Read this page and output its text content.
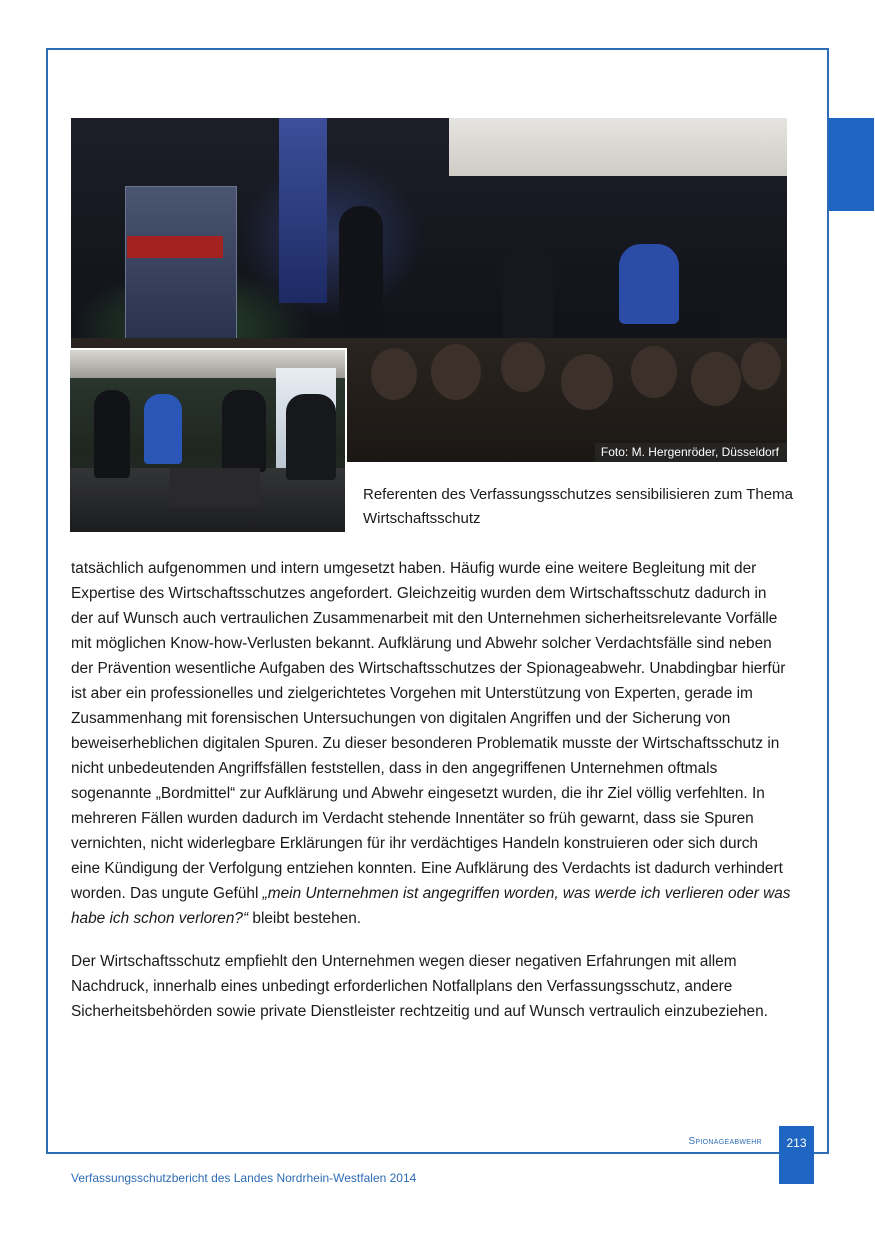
Foto: M. Hergenröder, Düsseldorf
Referenten des Verfassungsschutzes sensibilisieren zum Thema Wirtschaftsschutz

tatsächlich aufgenommen und intern umgesetzt haben. Häufig wurde eine weitere Begleitung mit der Expertise des Wirtschaftsschutzes angefordert. Gleichzeitig wurden dem Wirtschaftsschutz dadurch in der auf Wunsch auch vertraulichen Zusammenarbeit mit den Unternehmen sicherheitsrelevante Vorfälle mit möglichen Know-how-Verlusten bekannt. Aufklärung und Abwehr solcher Verdachtsfälle sind neben der Prävention wesentliche Aufgaben des Wirtschaftsschutzes der Spionageabwehr. Unabdingbar hierfür ist aber ein professionelles und zielgerichtetes Vorgehen mit Unterstützung von Experten, gerade im Zusammenhang mit forensischen Untersuchungen von digitalen Angriffen und der Sicherung von beweiserheblichen digitalen Spuren. Zu dieser besonderen Problematik musste der Wirtschaftsschutz in nicht unbedeutenden Angriffsfällen feststellen, dass in den angegriffenen Unternehmen oftmals sogenannte „Bordmittel“ zur Aufklärung und Abwehr eingesetzt wurden, die ihr Ziel völlig verfehlten. In mehreren Fällen wurden dadurch im Verdacht stehende Innentäter so früh gewarnt, dass sie Spuren vernichten, nicht widerlegbare Erklärungen für ihr verdächtiges Handeln konstruieren oder sich durch eine Kündigung der Verfolgung entziehen konnten. Eine Aufklärung des Verdachts ist dadurch verhindert worden. Das ungute Gefühl „mein Unternehmen ist angegriffen worden, was werde ich verlieren oder was habe ich schon verloren?“ bleibt bestehen.

Der Wirtschaftsschutz empfiehlt den Unternehmen wegen dieser negativen Erfahrungen mit allem Nachdruck, innerhalb eines unbedingt erforderlichen Notfallplans den Verfassungsschutz, andere Sicherheitsbehörden sowie private Dienstleister rechtzeitig und auf Wunsch vertraulich einzubeziehen.

Spionageabwehr	213
Verfassungsschutzbericht des Landes Nordrhein-Westfalen 2014
